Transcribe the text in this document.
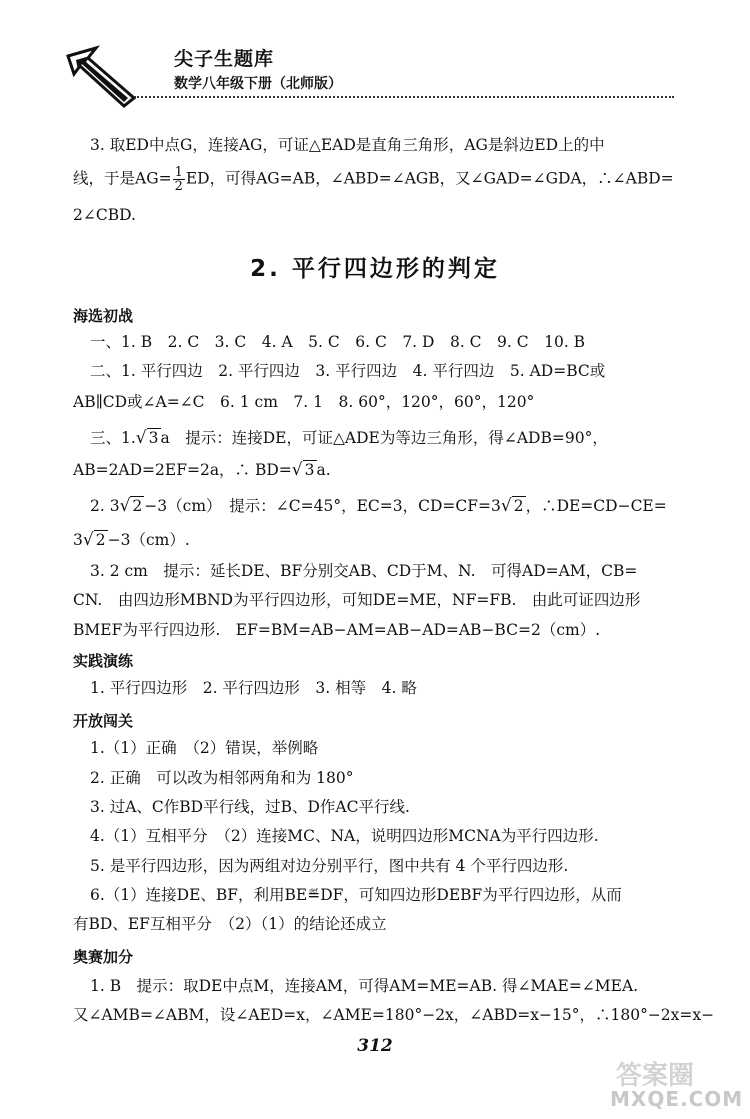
尖子生题库
数学八年级下册（北师版）
3. 取ED中点G，连接AG，可证△EAD是直角三角形，AG是斜边ED上的中
线，于是$AG= \frac{1}{2}$ ED，可得AG=AB，∠ABD=∠AGB，又∠GAD=∠GDA，∴∠ABD=
2∠CBD.
2. 平行四边形的判定
海选初战
一、1. B　2. C　3. C　4. A　5. C　6. C　7. D　8. C　9. C　10. B
二、1. 平行四边　2. 平行四边　3. 平行四边　4. 平行四边　5. AD=BC或
AB∥CD或∠A=∠C　6. 1 cm　7. 1　8. 60°，120°，60°，120°
三、1.√ 3 a　提示：连接DE，可证△ADE为等边三角形，得∠ADB=90°，
AB=2AD=2EF=2a，∴ BD=√ 3 a.
2. 3√ 2 −3（cm）　提示：∠C=45°，EC=3，CD=CF=3√ 2 ，∴DE=CD−CE=
3√ 2 −3（cm）.
3. 2 cm　提示：延长DE、BF分别交AB、CD于M、N.　可得AD=AM，CB=
CN.　由四边形MBND为平行四边形，可知DE=ME，NF=FB.　由此可证四边形
BMEF为平行四边形.　EF=BM=AB−AM=AB−AD=AB−BC=2（cm）.
实践演练
1. 平行四边形　2. 平行四边形　3. 相等　4. 略
开放闯关
1.（1）正确　（2）错误，举例略
2. 正确　可以改为相邻两角和为 180°
3. 过A、C作BD平行线，过B、D作AC平行线.
4.（1）互相平分　（2）连接MC、NA，说明四边形MCNA为平行四边形.
5. 是平行四边形，因为两组对边分别平行，图中共有 4 个平行四边形.
6.（1）连接DE、BF，利用BE≝DF，可知四边形DEBF为平行四边形，从而
有BD、EF互相平分　（2）（1）的结论还成立
奥赛加分
1. B　提示：取DE中点M，连接AM，可得AM=ME=AB. 得∠MAE=∠MEA.
又∠AMB=∠ABM，设∠AED=x，∠AME=180°−2x，∠ABD=x−15°，∴180°−2x=x−
312
答案圈
MXQE.COM
